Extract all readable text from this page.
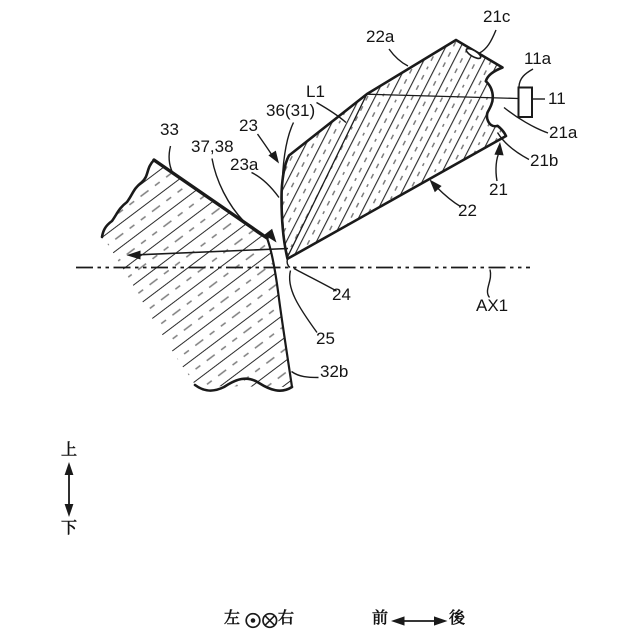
21c
22a
11a
11
21a
21b
21
22
L1
36(31)
23
37,38
23a
33
24
25
32b
AX1
上
下
左 右	前	後
